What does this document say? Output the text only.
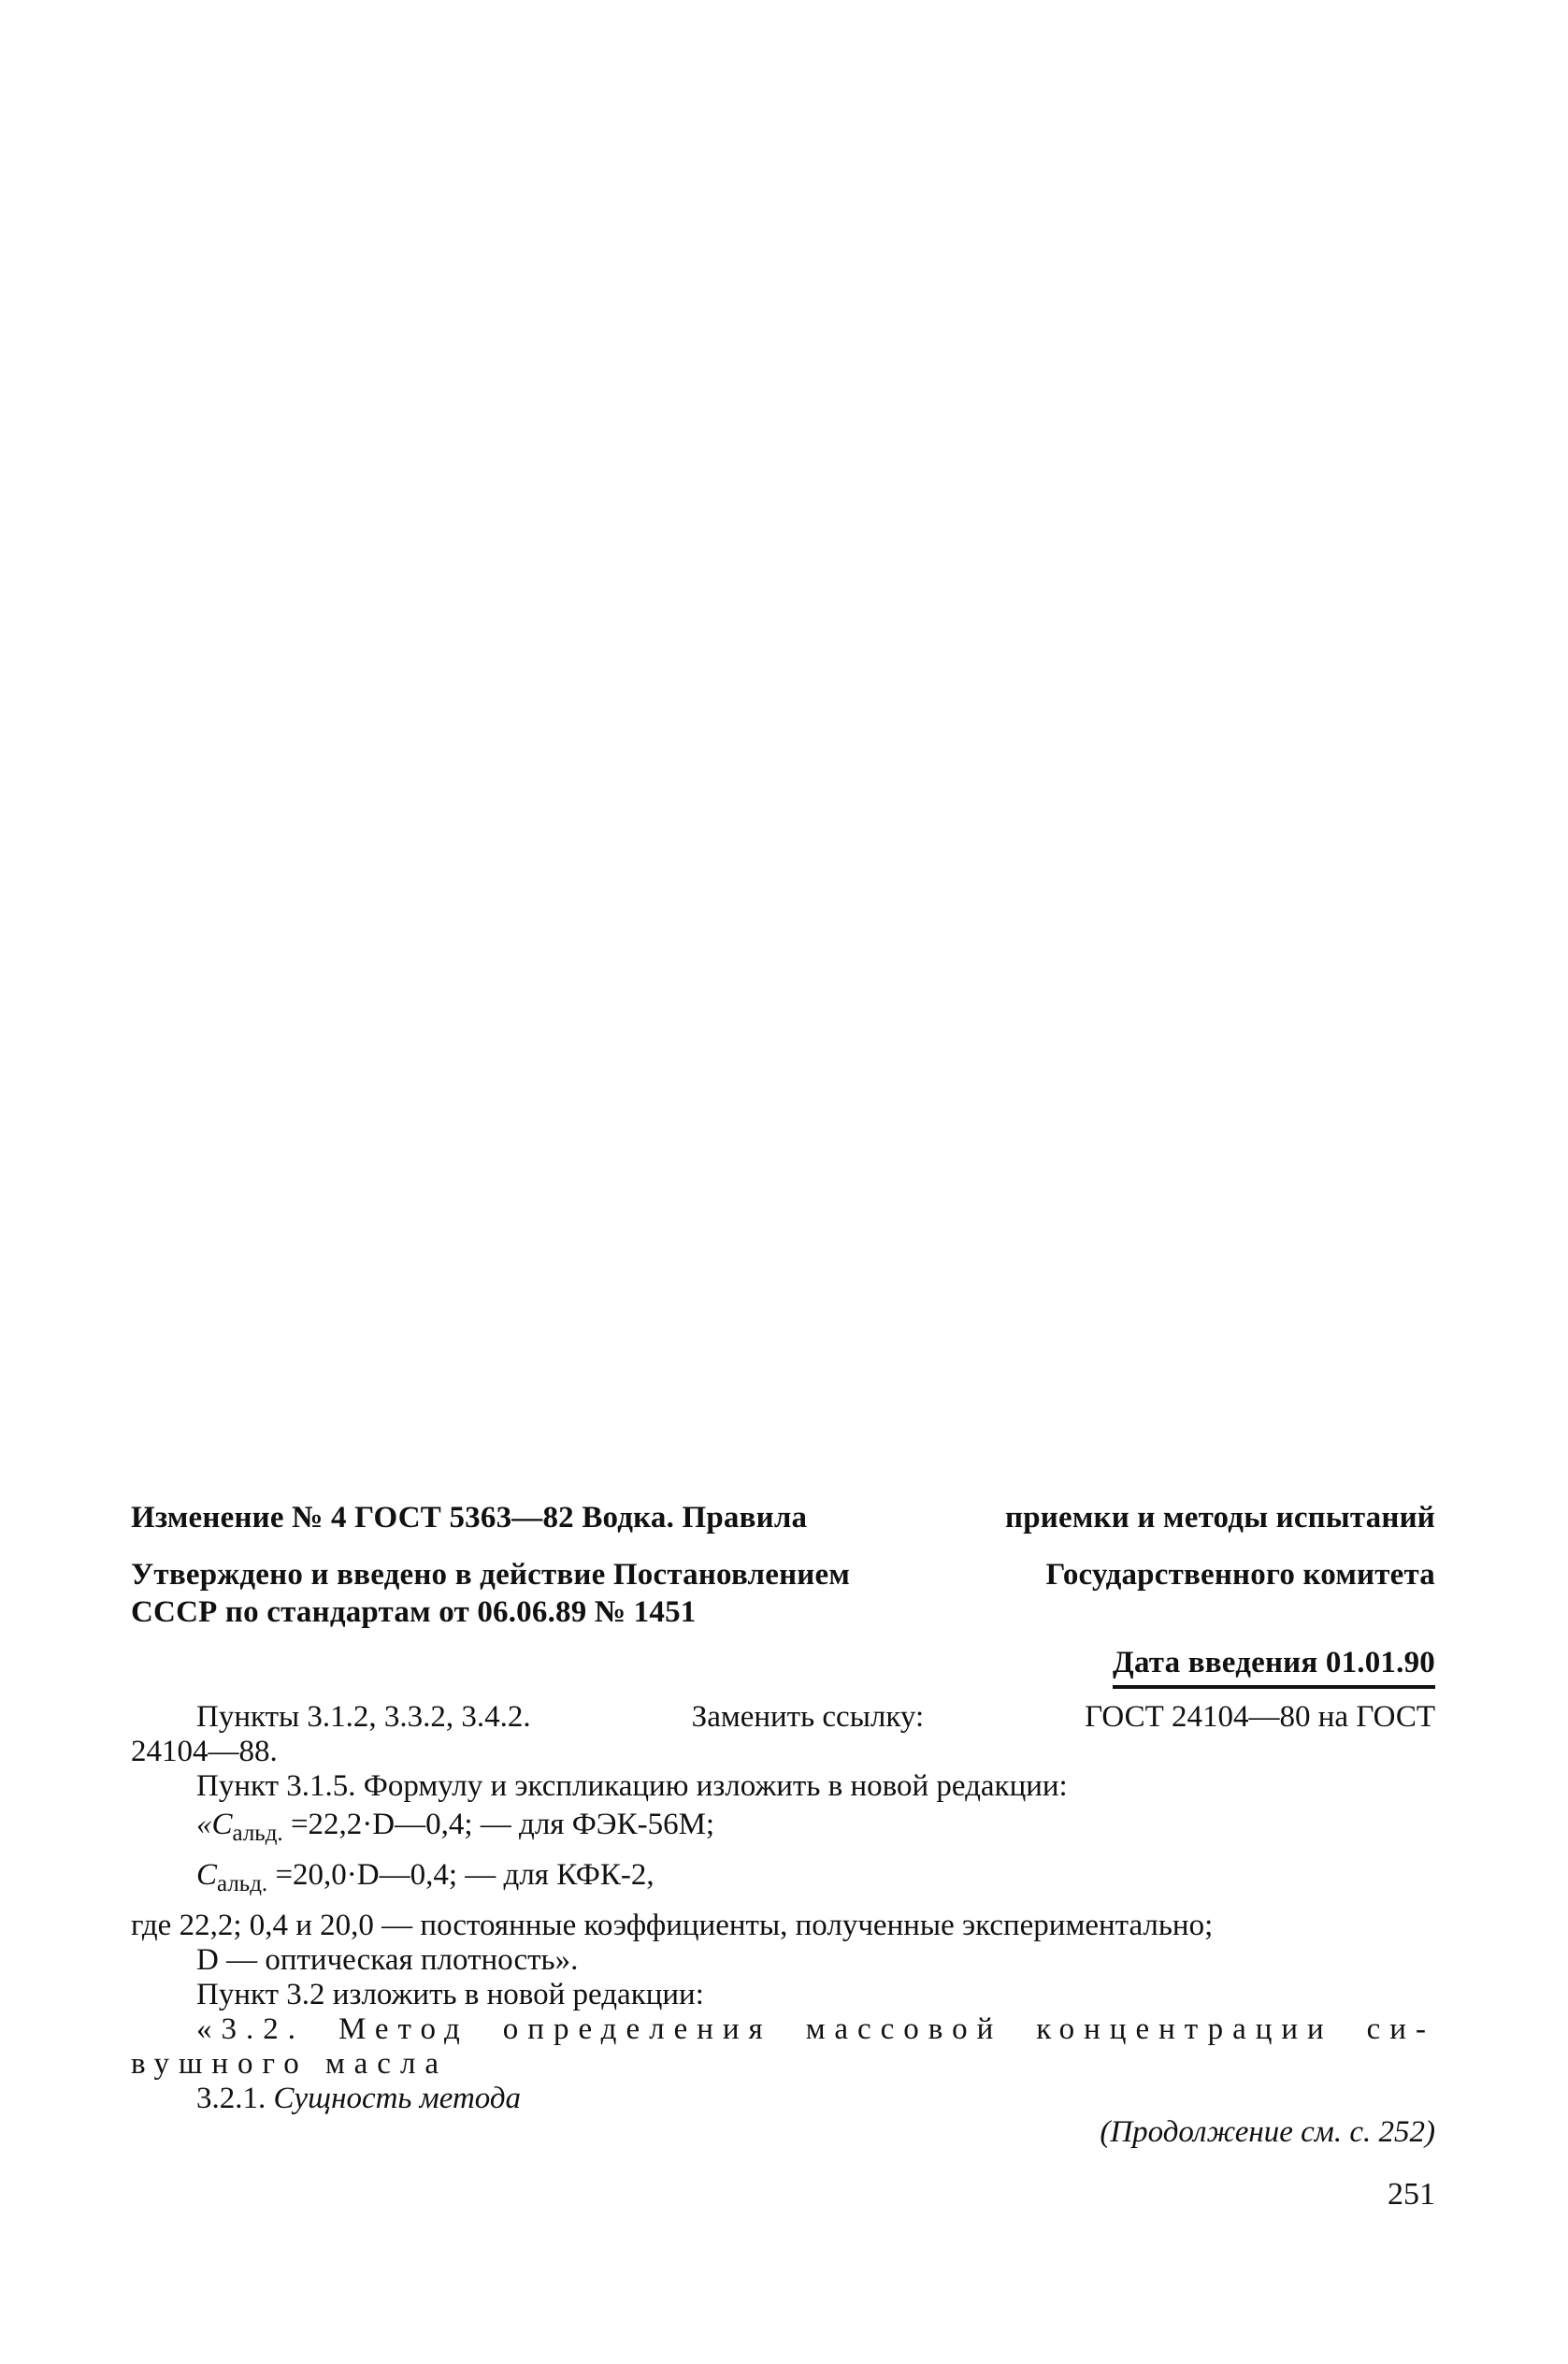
Изменение № 4 ГОСТ 5363—82 Водка. Правила	приемки и методы испытаний
Утверждено и введено в действие Постановлением	Государственного комитета
СССР по стандартам от 06.06.89 № 1451
Дата введения 01.01.90
Пункты 3.1.2, 3.3.2, 3.4.2.	Заменить ссылку:	ГОСТ 24104—80 на ГОСТ
24104—88.
Пункт 3.1.5. Формулу и экспликацию изложить в новой редакции:
«$C_{альд.}$ =22,2·D—0,4; — для ФЭК-56М;
$C_{альд.}$ =20,0·D—0,4; — для КФК-2,
где 22,2; 0,4 и 20,0 — постоянные коэффициенты, полученные экспериментально;
D — оптическая плотность».
Пункт 3.2 изложить в новой редакции:
«3.2. Метод определения массовой концентрации си-
вушного масла
3.2.1. Сущность метода
(Продолжение см. с. 252)
251
